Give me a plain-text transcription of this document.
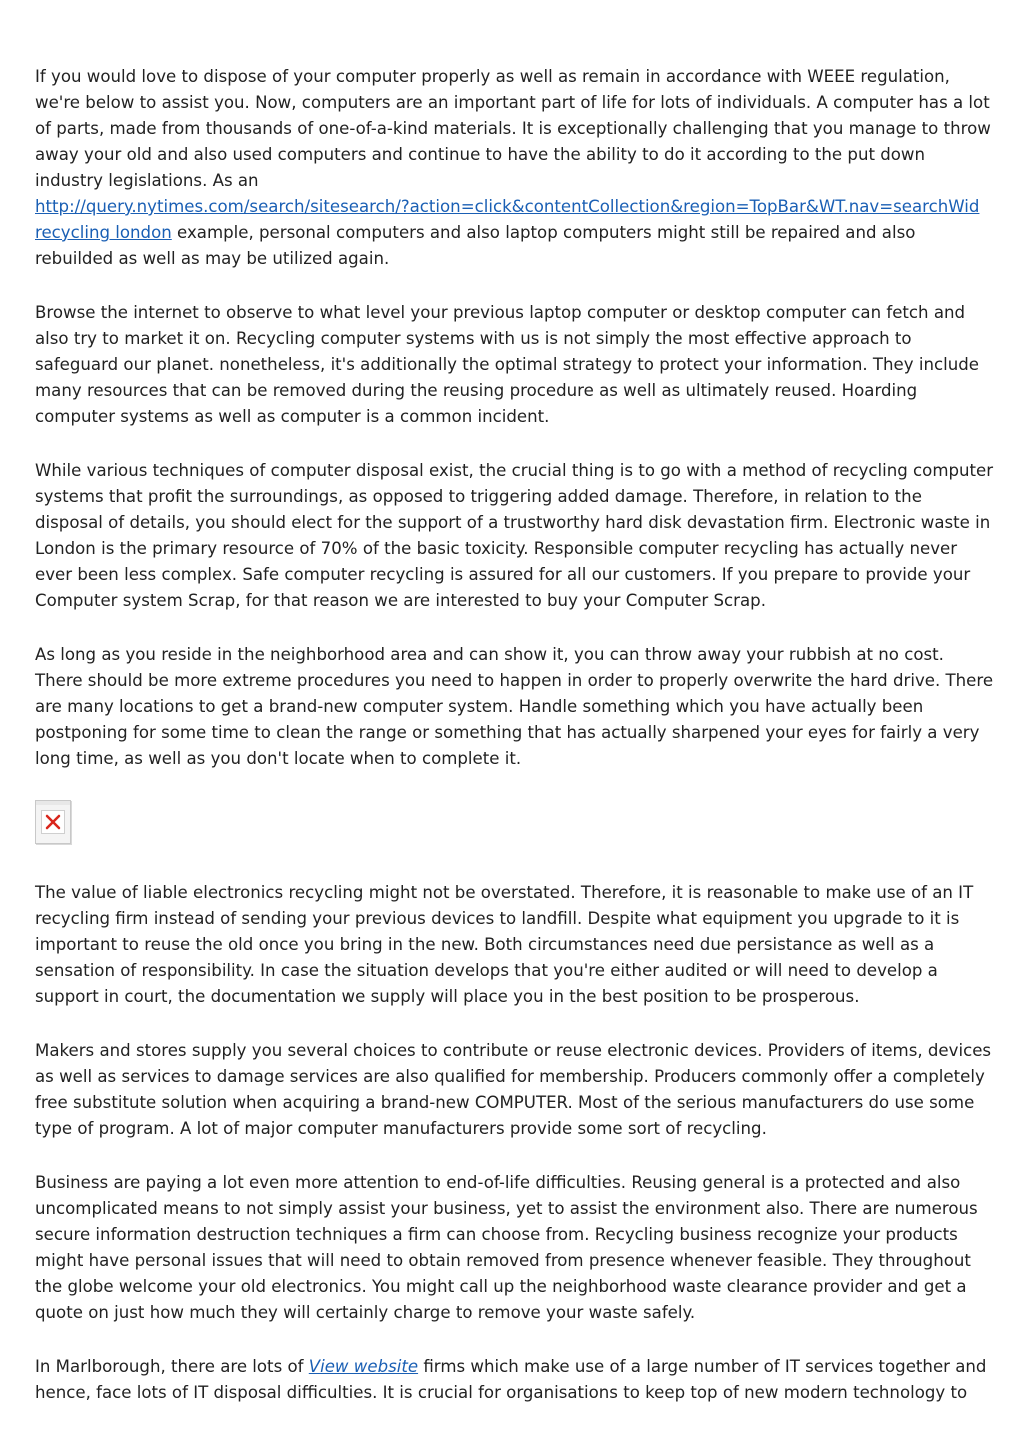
If you would love to dispose of your computer properly as well as remain in accordance with WEEE regulation, we're below to assist you. Now, computers are an important part of life for lots of individuals. A computer has a lot of parts, made from thousands of one-of-a-kind materials. It is exceptionally challenging that you manage to throw away your old and also used computers and continue to have the ability to do it according to the put down industry legislations. As an
http://query.nytimes.com/search/sitesearch/?action=click&contentCollection&region=TopBar&WT.nav=searchWid
recycling london example, personal computers and also laptop computers might still be repaired and also rebuilded as well as may be utilized again.

Browse the internet to observe to what level your previous laptop computer or desktop computer can fetch and also try to market it on. Recycling computer systems with us is not simply the most effective approach to safeguard our planet. nonetheless, it's additionally the optimal strategy to protect your information. They include many resources that can be removed during the reusing procedure as well as ultimately reused. Hoarding computer systems as well as computer is a common incident.

While various techniques of computer disposal exist, the crucial thing is to go with a method of recycling computer systems that profit the surroundings, as opposed to triggering added damage. Therefore, in relation to the disposal of details, you should elect for the support of a trustworthy hard disk devastation firm. Electronic waste in London is the primary resource of 70% of the basic toxicity. Responsible computer recycling has actually never ever been less complex. Safe computer recycling is assured for all our customers. If you prepare to provide your Computer system Scrap, for that reason we are interested to buy your Computer Scrap.

As long as you reside in the neighborhood area and can show it, you can throw away your rubbish at no cost. There should be more extreme procedures you need to happen in order to properly overwrite the hard drive. There are many locations to get a brand-new computer system. Handle something which you have actually been postponing for some time to clean the range or something that has actually sharpened your eyes for fairly a very long time, as well as you don't locate when to complete it.

The value of liable electronics recycling might not be overstated. Therefore, it is reasonable to make use of an IT recycling firm instead of sending your previous devices to landfill. Despite what equipment you upgrade to it is important to reuse the old once you bring in the new. Both circumstances need due persistance as well as a sensation of responsibility. In case the situation develops that you're either audited or will need to develop a support in court, the documentation we supply will place you in the best position to be prosperous.

Makers and stores supply you several choices to contribute or reuse electronic devices. Providers of items, devices as well as services to damage services are also qualified for membership. Producers commonly offer a completely free substitute solution when acquiring a brand-new COMPUTER. Most of the serious manufacturers do use some type of program. A lot of major computer manufacturers provide some sort of recycling.

Business are paying a lot even more attention to end-of-life difficulties. Reusing general is a protected and also uncomplicated means to not simply assist your business, yet to assist the environment also. There are numerous secure information destruction techniques a firm can choose from. Recycling business recognize your products might have personal issues that will need to obtain removed from presence whenever feasible. They throughout the globe welcome your old electronics. You might call up the neighborhood waste clearance provider and get a quote on just how much they will certainly charge to remove your waste safely.

In Marlborough, there are lots of View website firms which make use of a large number of IT services together and hence, face lots of IT disposal difficulties. It is crucial for organisations to keep top of new modern technology to
